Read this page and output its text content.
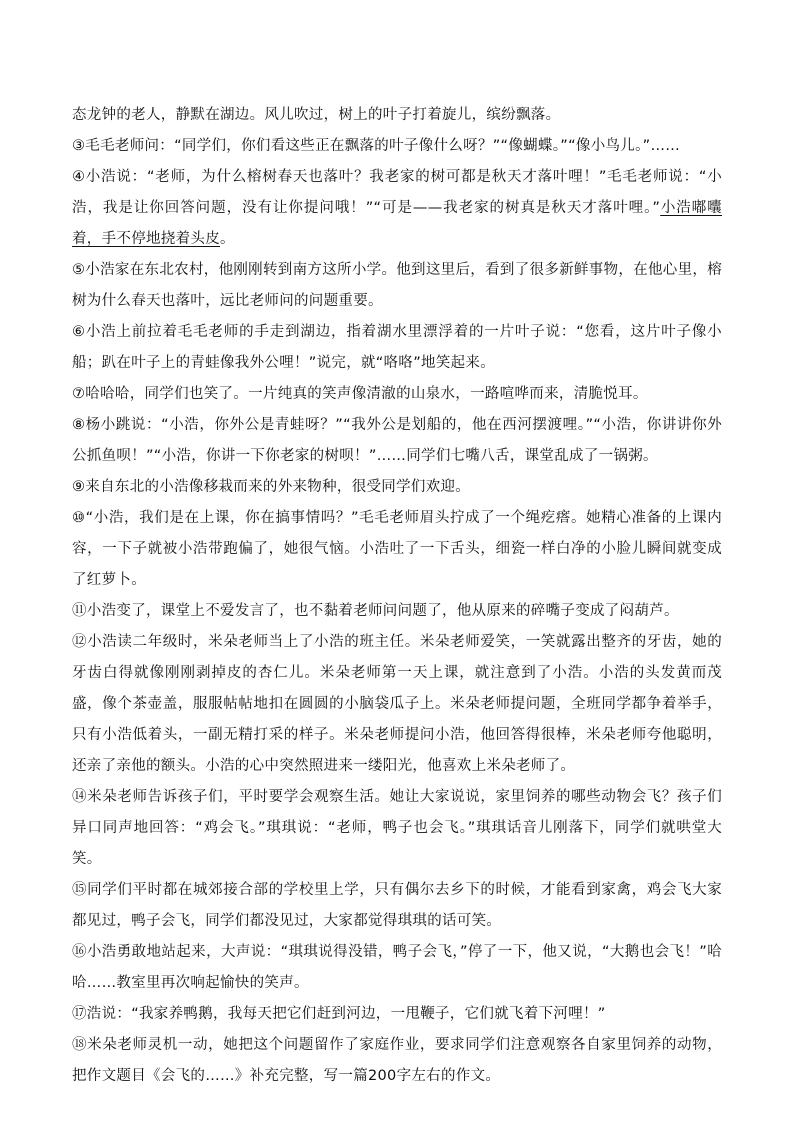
态龙钟的老人，静默在湖边。风儿吹过，树上的叶子打着旋儿，缤纷飘落。

③毛毛老师问：“同学们，你们看这些正在飘落的叶子像什么呀？”“像蝴蝶。”“像小鸟儿。”……

④小浩说：“老师，为什么榕树春天也落叶？我老家的树可都是秋天才落叶哩！”毛毛老师说：“小浩，我是让你回答问题，没有让你提问哦！”“可是——我老家的树真是秋天才落叶哩。”小浩嘟囔着，手不停地挠着头皮。

⑤小浩家在东北农村，他刚刚转到南方这所小学。他到这里后，看到了很多新鲜事物，在他心里，榕树为什么春天也落叶，远比老师问的问题重要。

⑥小浩上前拉着毛毛老师的手走到湖边，指着湖水里漂浮着的一片叶子说：“您看，这片叶子像小船；趴在叶子上的青蛙像我外公哩！”说完，就“咯咯”地笑起来。

⑦哈哈哈，同学们也笑了。一片纯真的笑声像清澈的山泉水，一路喧哗而来，清脆悦耳。

⑧杨小跳说：“小浩，你外公是青蛙呀？”“我外公是划船的，他在西河摆渡哩。”“小浩，你讲讲你外公抓鱼呗！”“小浩，你讲一下你老家的树呗！”……同学们七嘴八舌，课堂乱成了一锅粥。

⑨来自东北的小浩像移栽而来的外来物种，很受同学们欢迎。

⑩“小浩，我们是在上课，你在搞事情吗？”毛毛老师眉头拧成了一个绳疙瘩。她精心准备的上课内容，一下子就被小浩带跑偏了，她很气恼。小浩吐了一下舌头，细瓷一样白净的小脸儿瞬间就变成了红萝卜。

⑪小浩变了，课堂上不爱发言了，也不黏着老师问问题了，他从原来的碎嘴子变成了闷葫芦。

⑫小浩读二年级时，米朵老师当上了小浩的班主任。米朵老师爱笑，一笑就露出整齐的牙齿，她的牙齿白得就像刚刚剥掉皮的杏仁儿。米朵老师第一天上课，就注意到了小浩。小浩的头发黄而茂盛，像个茶壶盖，服服帖帖地扣在圆圆的小脑袋瓜子上。米朵老师提问题，全班同学都争着举手，只有小浩低着头，一副无精打采的样子。米朵老师提问小浩，他回答得很棒，米朵老师夸他聪明，还亲了亲他的额头。小浩的心中突然照进来一缕阳光，他喜欢上米朵老师了。

⑭米朵老师告诉孩子们，平时要学会观察生活。她让大家说说，家里饲养的哪些动物会飞？孩子们异口同声地回答：“鸡会飞。”琪琪说：“老师，鸭子也会飞。”琪琪话音儿刚落下，同学们就哄堂大笑。

⑮同学们平时都在城郊接合部的学校里上学，只有偶尔去乡下的时候，才能看到家禽，鸡会飞大家都见过，鸭子会飞，同学们都没见过，大家都觉得琪琪的话可笑。

⑯小浩勇敢地站起来，大声说：“琪琪说得没错，鸭子会飞，”停了一下，他又说，“大鹅也会飞！”哈哈……教室里再次响起愉快的笑声。

⑰浩说：“我家养鸭鹅，我每天把它们赶到河边，一甩鞭子，它们就飞着下河哩！”

⑱米朵老师灵机一动，她把这个问题留作了家庭作业，要求同学们注意观察各自家里饲养的动物，把作文题目《会飞的……》补充完整，写一篇200字左右的作文。
